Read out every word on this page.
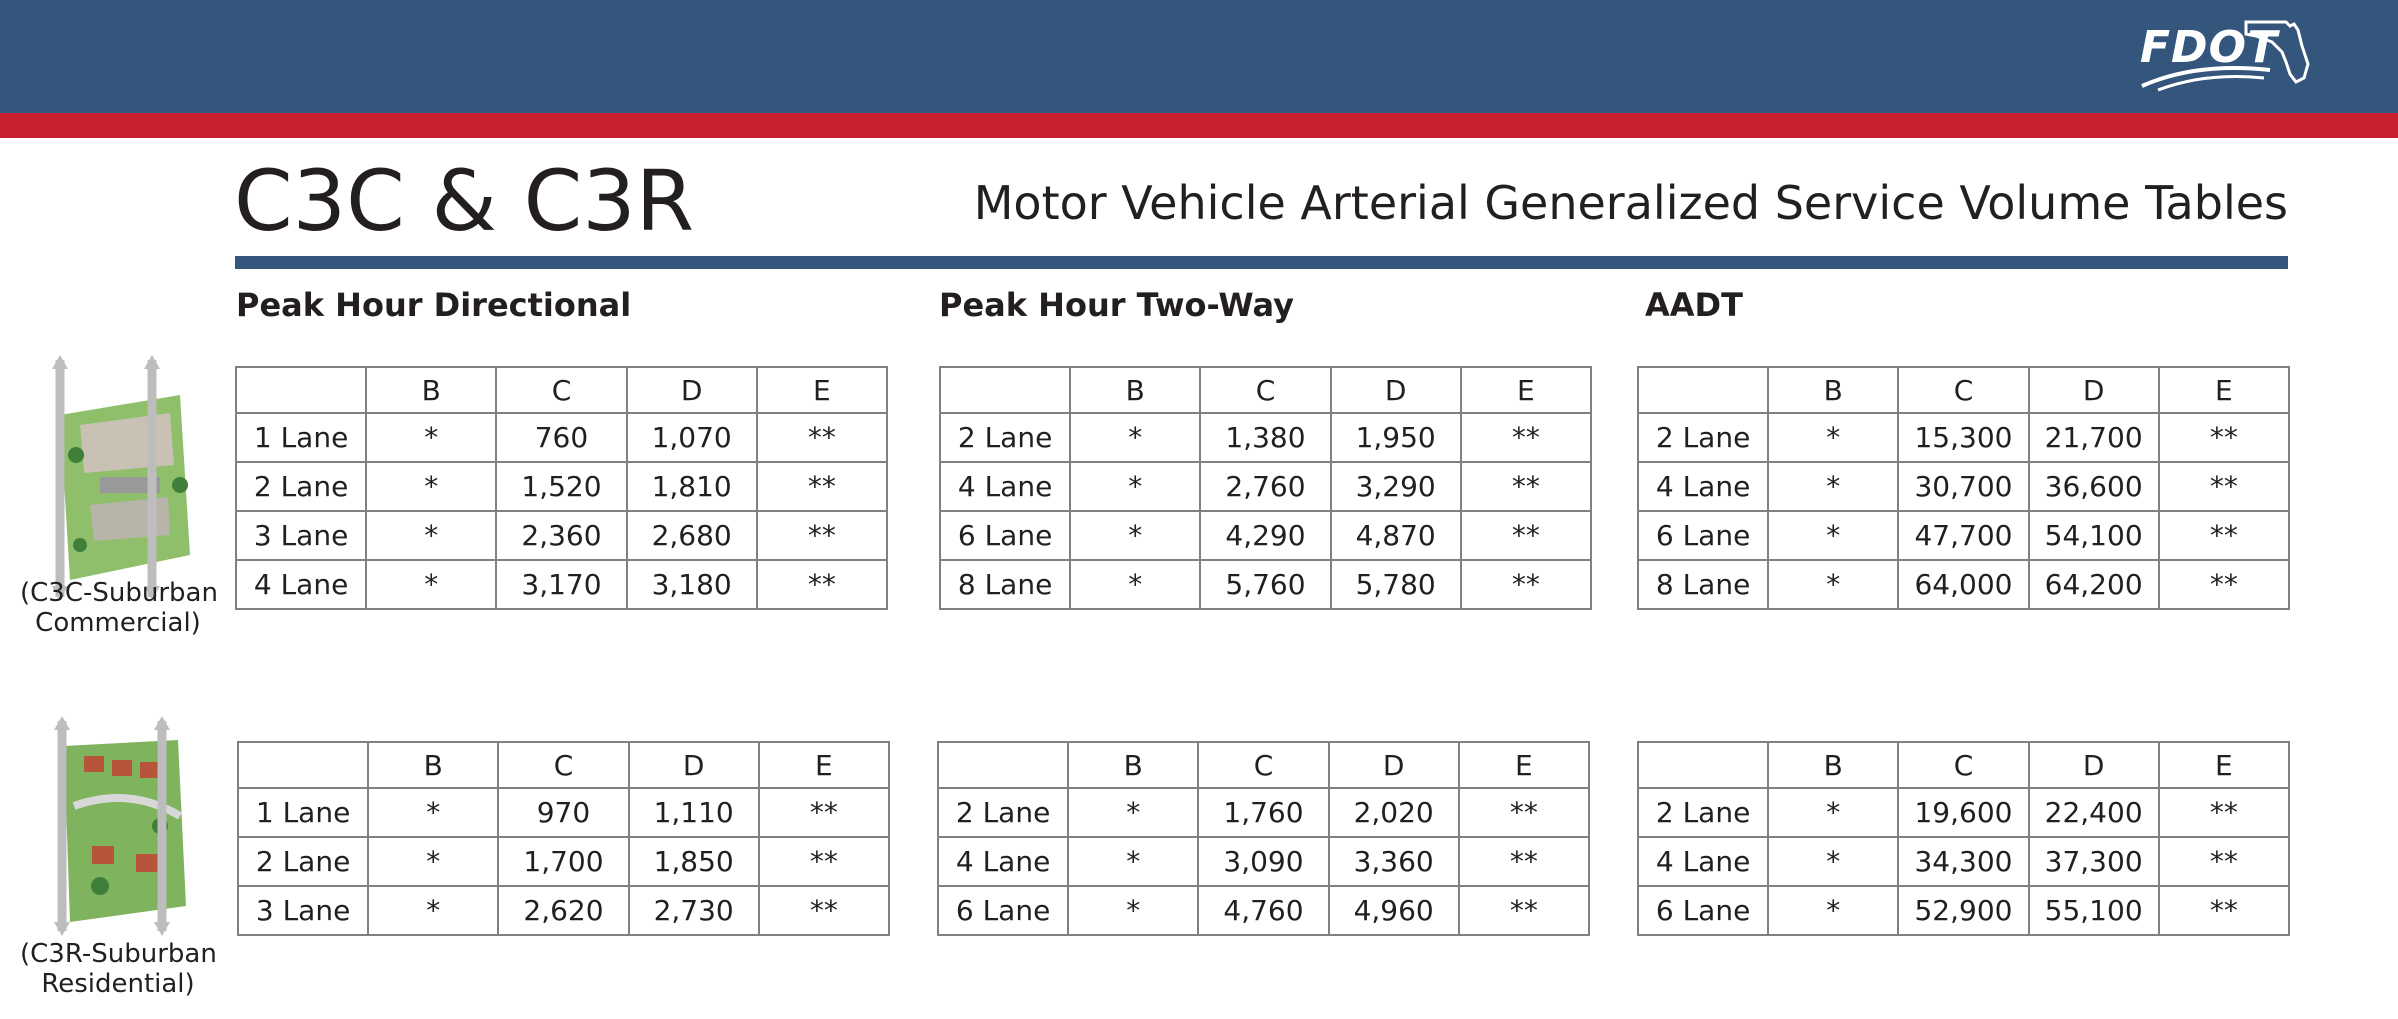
FDOT
C3C & C3R	Motor Vehicle Arterial Generalized Service Volume Tables
Peak Hour Directional	Peak Hour Two-Way	AADT
(C3C-Suburban
Commercial)
(C3R-Suburban
Residential)
	B	C	D	E
1 Lane	*	760	1,070	**
2 Lane	*	1,520	1,810	**
3 Lane	*	2,360	2,680	**
4 Lane	*	3,170	3,180	**
	B	C	D	E
2 Lane	*	1,380	1,950	**
4 Lane	*	2,760	3,290	**
6 Lane	*	4,290	4,870	**
8 Lane	*	5,760	5,780	**
	B	C	D	E
2 Lane	*	15,300	21,700	**
4 Lane	*	30,700	36,600	**
6 Lane	*	47,700	54,100	**
8 Lane	*	64,000	64,200	**
	B	C	D	E
1 Lane	*	970	1,110	**
2 Lane	*	1,700	1,850	**
3 Lane	*	2,620	2,730	**
	B	C	D	E
2 Lane	*	1,760	2,020	**
4 Lane	*	3,090	3,360	**
6 Lane	*	4,760	4,960	**
	B	C	D	E
2 Lane	*	19,600	22,400	**
4 Lane	*	34,300	37,300	**
6 Lane	*	52,900	55,100	**
